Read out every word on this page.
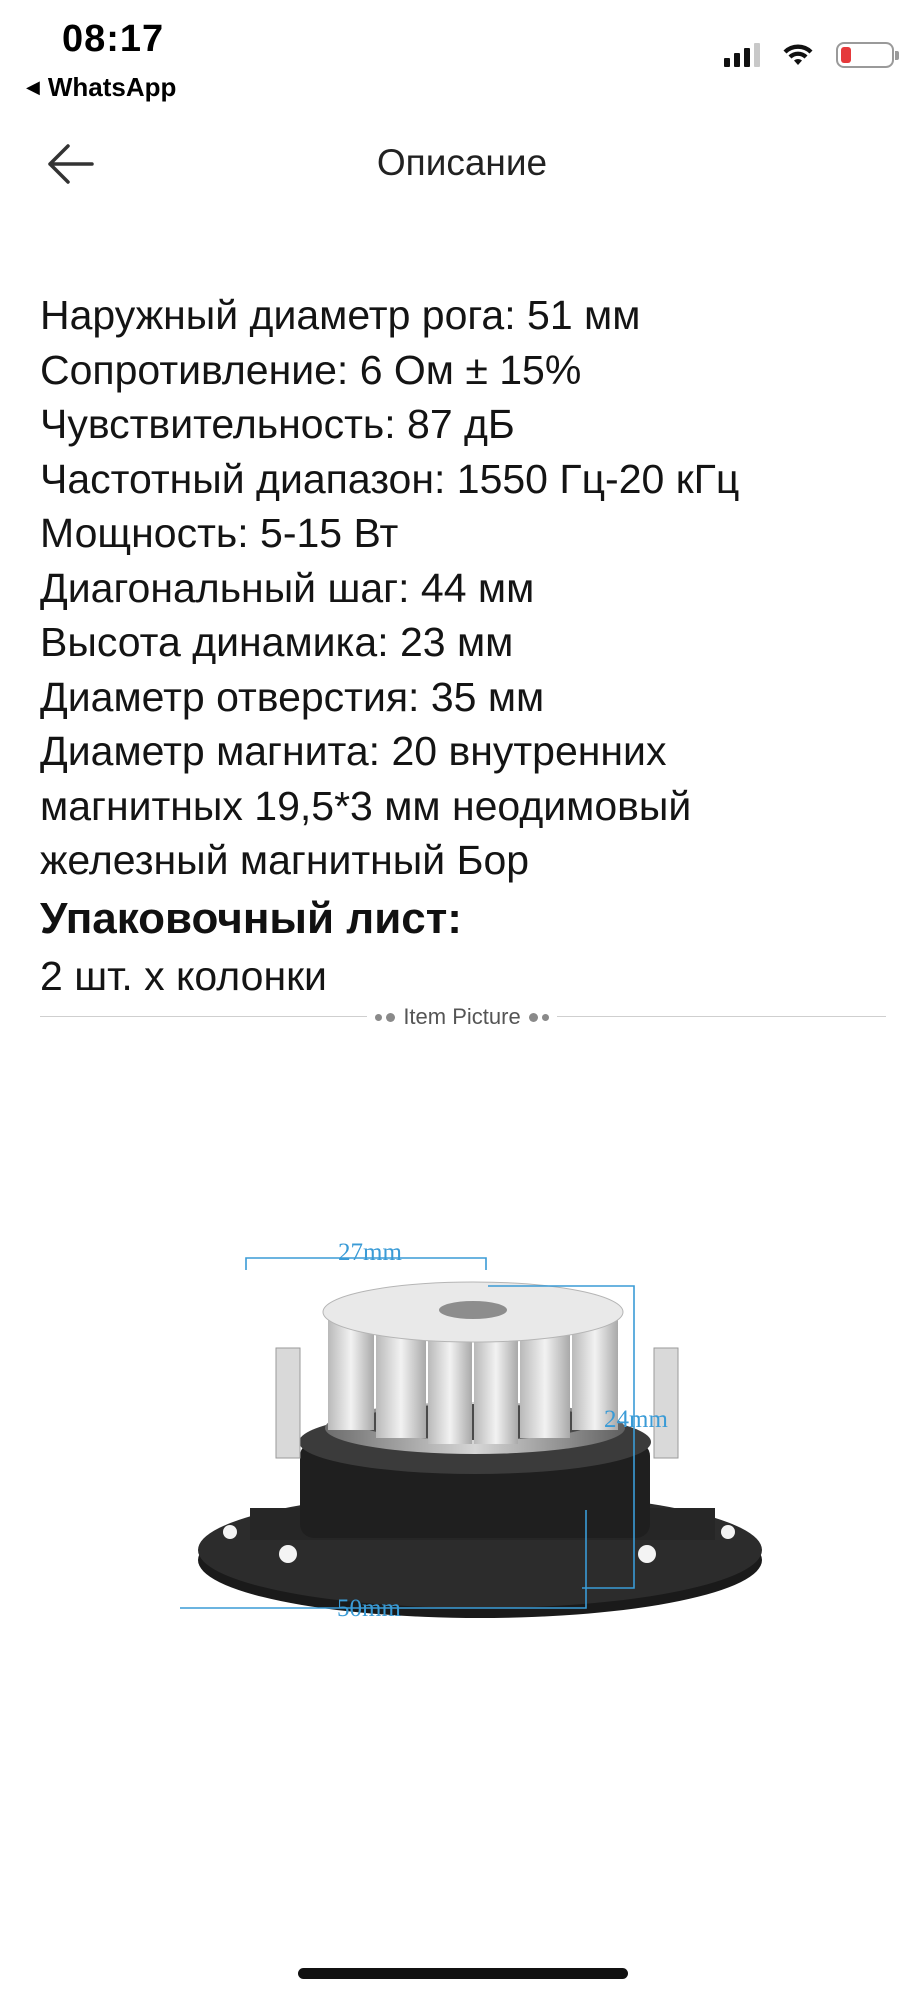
08:17
◀ WhatsApp
Описание
Наружный диаметр рога: 51 мм
Сопротивление: 6 Ом ± 15%
Чувствительность: 87 дБ
Частотный диапазон: 1550 Гц-20 кГц
Мощность: 5-15 Вт
Диагональный шаг: 44 мм
Высота динамика: 23 мм
Диаметр отверстия: 35 мм
Диаметр магнита: 20 внутренних
магнитных 19,5*3 мм неодимовый
железный магнитный Бор
Упаковочный лист:
2 шт. х колонки
Item Picture
27mm
24mm
50mm
